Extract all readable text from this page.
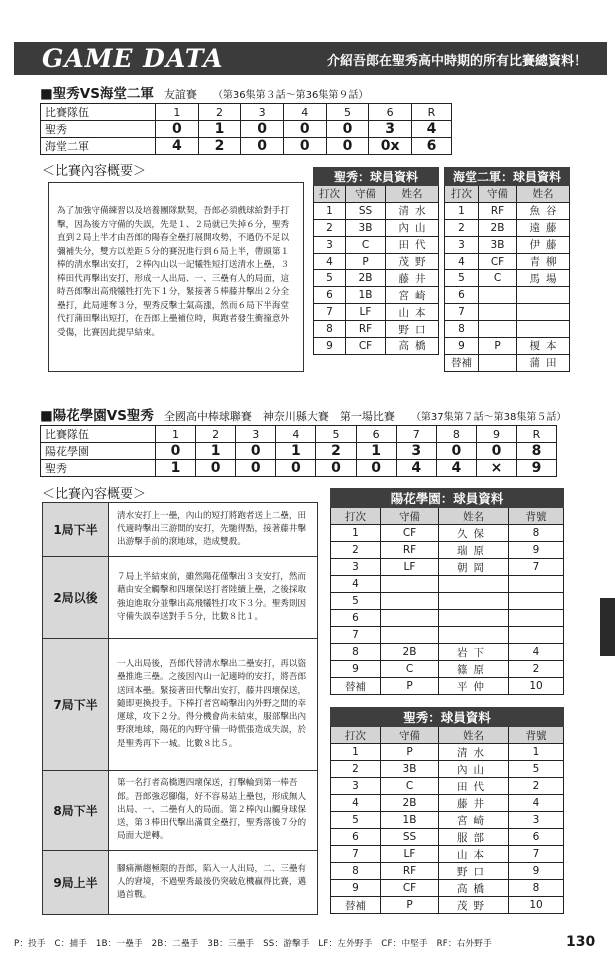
GAME DATA	介紹吾郎在聖秀高中時期的所有比賽總資料！
■聖秀VS海堂二軍 友誼賽 （第36集第３話～第36集第９話）
比賽隊伍	1	2	3	4	5	6	R
聖秀	0	1	0	0	0	3	4
海堂二軍	4	2	0	0	0	0x	6
＜比賽內容概要＞
為了加強守備練習以及培養團隊默契，吾郎必須戲球給對手打擊，因為後方守備的失誤，先是１、２局就已失掉６分，聖秀直到２局上半才由吾郎的陽春全壘打展開攻勢，不過仍不足以彌補失分，雙方以差距５分的賽況進行到６局上半，帶頭第１棒的清水擊出安打，２棒內山以一記犧牲短打送清水上壘，３棒田代再擊出安打，形成一人出局、一、三壘有人的局面，這時吾郎擊出高飛犧牲打先下１分，緊接著５棒藤井擊出２分全壘打，此局連奪３分，聖秀反擊士氣高漲，然而６局下半海堂代打蒲田擊出短打，在吾郎上壘補位時，與跑者發生衝撞意外受傷，比賽因此提早結束。
聖秀：球員資料		
打次	守備	姓名
1	SS	清水
2	3B	內山
3	C	田代
4	P	茂野
5	2B	藤井
6	1B	宮崎
7	LF	山本
8	RF	野口
9	CF	高橋
海堂二軍：球員資料		
打次	守備	姓名
1	RF	魚谷
2	2B	遠藤
3	3B	伊藤
4	CF	青柳
5	C	馬場
6		
7		
8		
9	P	榎本
替補		蒲田
■陽花學園VS聖秀 全國高中棒球聯賽　神奈川縣大賽　第一場比賽 （第37集第７話～第38集第５話）
比賽隊伍	1	2	3	4	5	6	7	8	9	R
陽花學園	0	1	0	1	2	1	3	0	0	8
聖秀	1	0	0	0	0	0	4	4	×	9
＜比賽內容概要＞
1局下半	清水安打上一壘，內山的短打將跑者送上二壘，田代適時擊出三游間的安打，先馳得點，接著藤井擊出游擊手前的滾地球，造成雙殺。
2局以後	７局上半結束前，雖然陽花僅擊出３支安打，然而藉由安全觸擊和四壞保送打者陸續上壘，之後採取強迫進取分並擊出高飛犧牲打攻下３分。聖秀則因守備失誤奉送對手５分，比數８比１。
7局下半	一人出局後，吾郎代替清水擊出二壘安打，再以盜壘推進三壘。之後因內山一記適時的安打，將吾郎送回本壘。緊接著田代擊出安打，藤井四壞保送，隨即更換投手。下棒打者宮崎擊出內外野之間的幸運球，攻下２分。得分機會尚未結束，服部擊出內野滾地球，陽花的內野守備一時慌張造成失誤，於是聖秀再下一城。比數８比５。
8局下半	第一名打者高橋選四壞保送，打擊輪到第一棒吾郎。吾郎強忍腳傷，好不容易站上壘包，形成無人出局、一、二壘有人的局面。第２棒內山觸身球保送，第３棒田代擊出滿貫全壘打，聖秀落後７分的局面大逆轉。
9局上半	腳痛漸趨極限的吾郎，陷入一人出局，二、三壘有人的窘境，不過聖秀最後仍突破危機贏得比賽，邁過首戰。
陽花學園：球員資料			
打次	守備	姓名	背號
1	CF	久保	8
2	RF	瑞原	9
3	LF	朝岡	7
4			
5			
6			
7			
8	2B	岩下	4
9	C	篠原	2
替補	P	平仲	10
聖秀：球員資料			
打次	守備	姓名	背號
1	P	清水	1
2	3B	內山	5
3	C	田代	2
4	2B	藤井	4
5	1B	宮崎	3
6	SS	服部	6
7	LF	山本	7
8	RF	野口	9
9	CF	高橋	8
替補	P	茂野	10
P：投手　C：捕手　1B：一壘手　2B：二壘手　3B：三壘手　SS：游擊手　LF：左外野手　CF：中堅手　RF：右外野手	130
